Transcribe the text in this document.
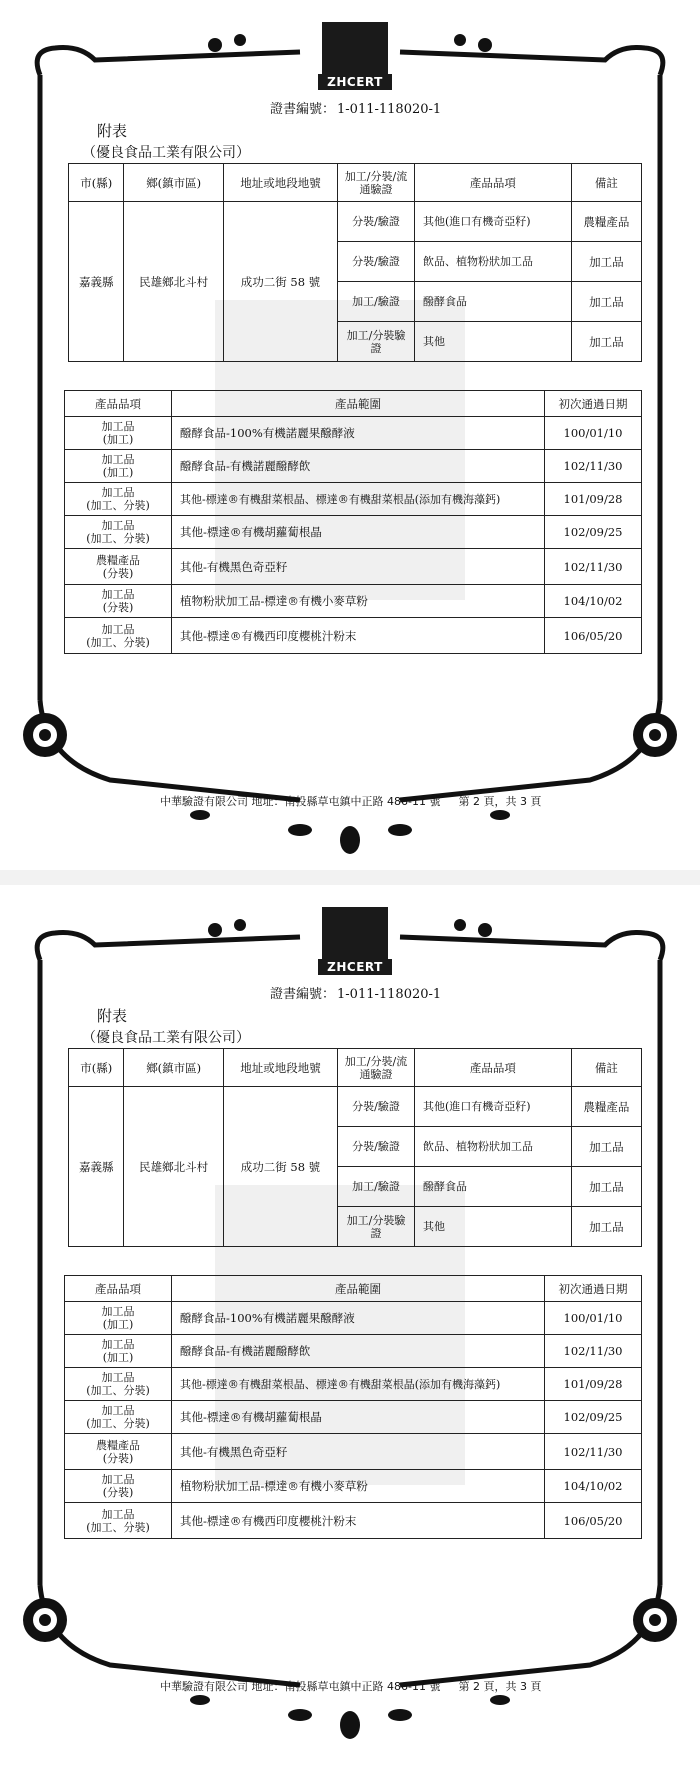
ZHCERT
證書編號： 1-011-118020-1
附表
（優良食品工業有限公司）
市(縣)	鄉(鎮市區)	地址或地段地號	加工/分裝/流通驗證	產品品項	備註
嘉義縣	民雄鄉北斗村	成功二街 58 號	分裝/驗證	其他(進口有機奇亞籽)	農糧產品
			分裝/驗證	飲品、植物粉狀加工品	加工品
			加工/驗證	醱酵食品	加工品
			加工/分裝驗證	其他	加工品
產品品項	產品範圍	初次通過日期
加工品
(加工)	醱酵食品-100%有機諾麗果醱酵液	100/01/10
加工品
(加工)	醱酵食品-有機諾麗醱酵飲	102/11/30
加工品
(加工、分裝)	其他-標達®有機甜菜根晶、標達®有機甜菜根晶(添加有機海藻鈣)	101/09/28
加工品
(加工、分裝)	其他-標達®有機胡蘿蔔根晶	102/09/25
農糧產品
(分裝)	其他-有機黑色奇亞籽	102/11/30
加工品
(分裝)	植物粉狀加工品-標達®有機小麥草粉	104/10/02
加工品
(加工、分裝)	其他-標達®有機西印度櫻桃汁粉末	106/05/20
中華驗證有限公司 地址：南投縣草屯鎮中正路 486-11 號 第 2 頁，共 3 頁
ZHCERT
證書編號： 1-011-118020-1
附表
（優良食品工業有限公司）
市(縣)	鄉(鎮市區)	地址或地段地號	加工/分裝/流通驗證	產品品項	備註
嘉義縣	民雄鄉北斗村	成功二街 58 號	分裝/驗證	其他(進口有機奇亞籽)	農糧產品
			分裝/驗證	飲品、植物粉狀加工品	加工品
			加工/驗證	醱酵食品	加工品
			加工/分裝驗證	其他	加工品
產品品項	產品範圍	初次通過日期
加工品
(加工)	醱酵食品-100%有機諾麗果醱酵液	100/01/10
加工品
(加工)	醱酵食品-有機諾麗醱酵飲	102/11/30
加工品
(加工、分裝)	其他-標達®有機甜菜根晶、標達®有機甜菜根晶(添加有機海藻鈣)	101/09/28
加工品
(加工、分裝)	其他-標達®有機胡蘿蔔根晶	102/09/25
農糧產品
(分裝)	其他-有機黑色奇亞籽	102/11/30
加工品
(分裝)	植物粉狀加工品-標達®有機小麥草粉	104/10/02
加工品
(加工、分裝)	其他-標達®有機西印度櫻桃汁粉末	106/05/20
中華驗證有限公司 地址：南投縣草屯鎮中正路 486-11 號 第 2 頁，共 3 頁
